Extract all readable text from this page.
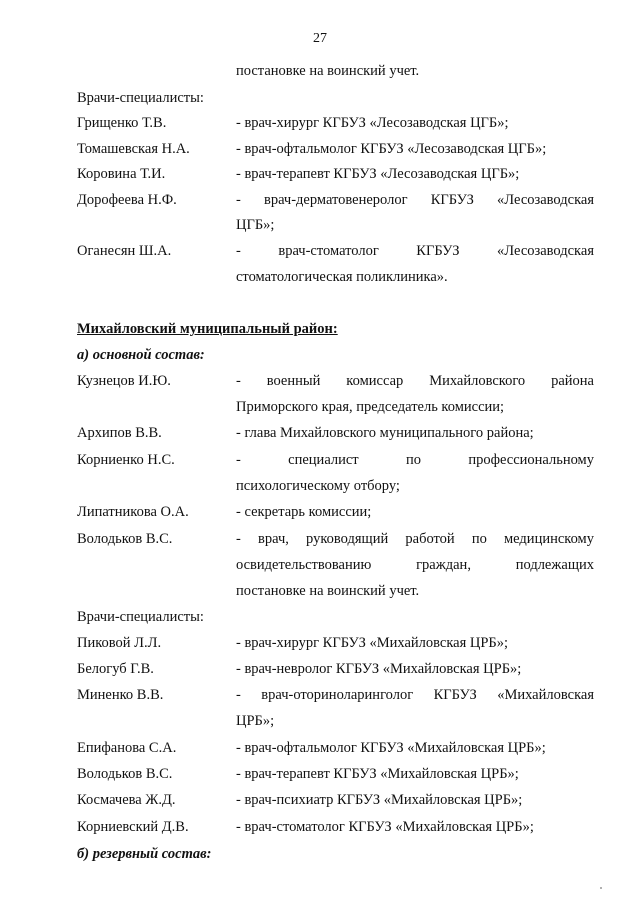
27
постановке на воинский учет.
Врачи-специалисты:
Грищенко Т.В.	- врач-хирург КГБУЗ «Лесозаводская ЦГБ»;
Томашевская Н.А.	- врач-офтальмолог КГБУЗ «Лесозаводская ЦГБ»;
Коровина Т.И.	- врач-терапевт КГБУЗ «Лесозаводская ЦГБ»;
Дорофеева Н.Ф.	- врач-дерматовенеролог КГБУЗ «Лесозаводская
ЦГБ»;
Оганесян Ш.А.	- врач-стоматолог КГБУЗ «Лесозаводская
стоматологическая поликлиника».
Михайловский муниципальный район:
а) основной состав:
Кузнецов И.Ю.	- военный комиссар Михайловского района
Приморского края, председатель комиссии;
Архипов В.В.	- глава Михайловского муниципального района;
Корниенко Н.С.	- специалист по профессиональному
психологическому отбору;
Липатникова О.А.	- секретарь комиссии;
Володьков В.С.	- врач, руководящий работой по медицинскому
освидетельствованию граждан, подлежащих
постановке на воинский учет.
Врачи-специалисты:
Пиковой Л.Л.	- врач-хирург КГБУЗ «Михайловская ЦРБ»;
Белогуб Г.В.	- врач-невролог КГБУЗ «Михайловская ЦРБ»;
Миненко В.В.	- врач-оториноларинголог КГБУЗ «Михайловская
ЦРБ»;
Епифанова С.А.	- врач-офтальмолог КГБУЗ «Михайловская ЦРБ»;
Володьков В.С.	- врач-терапевт КГБУЗ «Михайловская ЦРБ»;
Космачева Ж.Д.	- врач-психиатр КГБУЗ «Михайловская ЦРБ»;
Корниевский Д.В.	- врач-стоматолог КГБУЗ «Михайловская ЦРБ»;
б) резервный состав:
